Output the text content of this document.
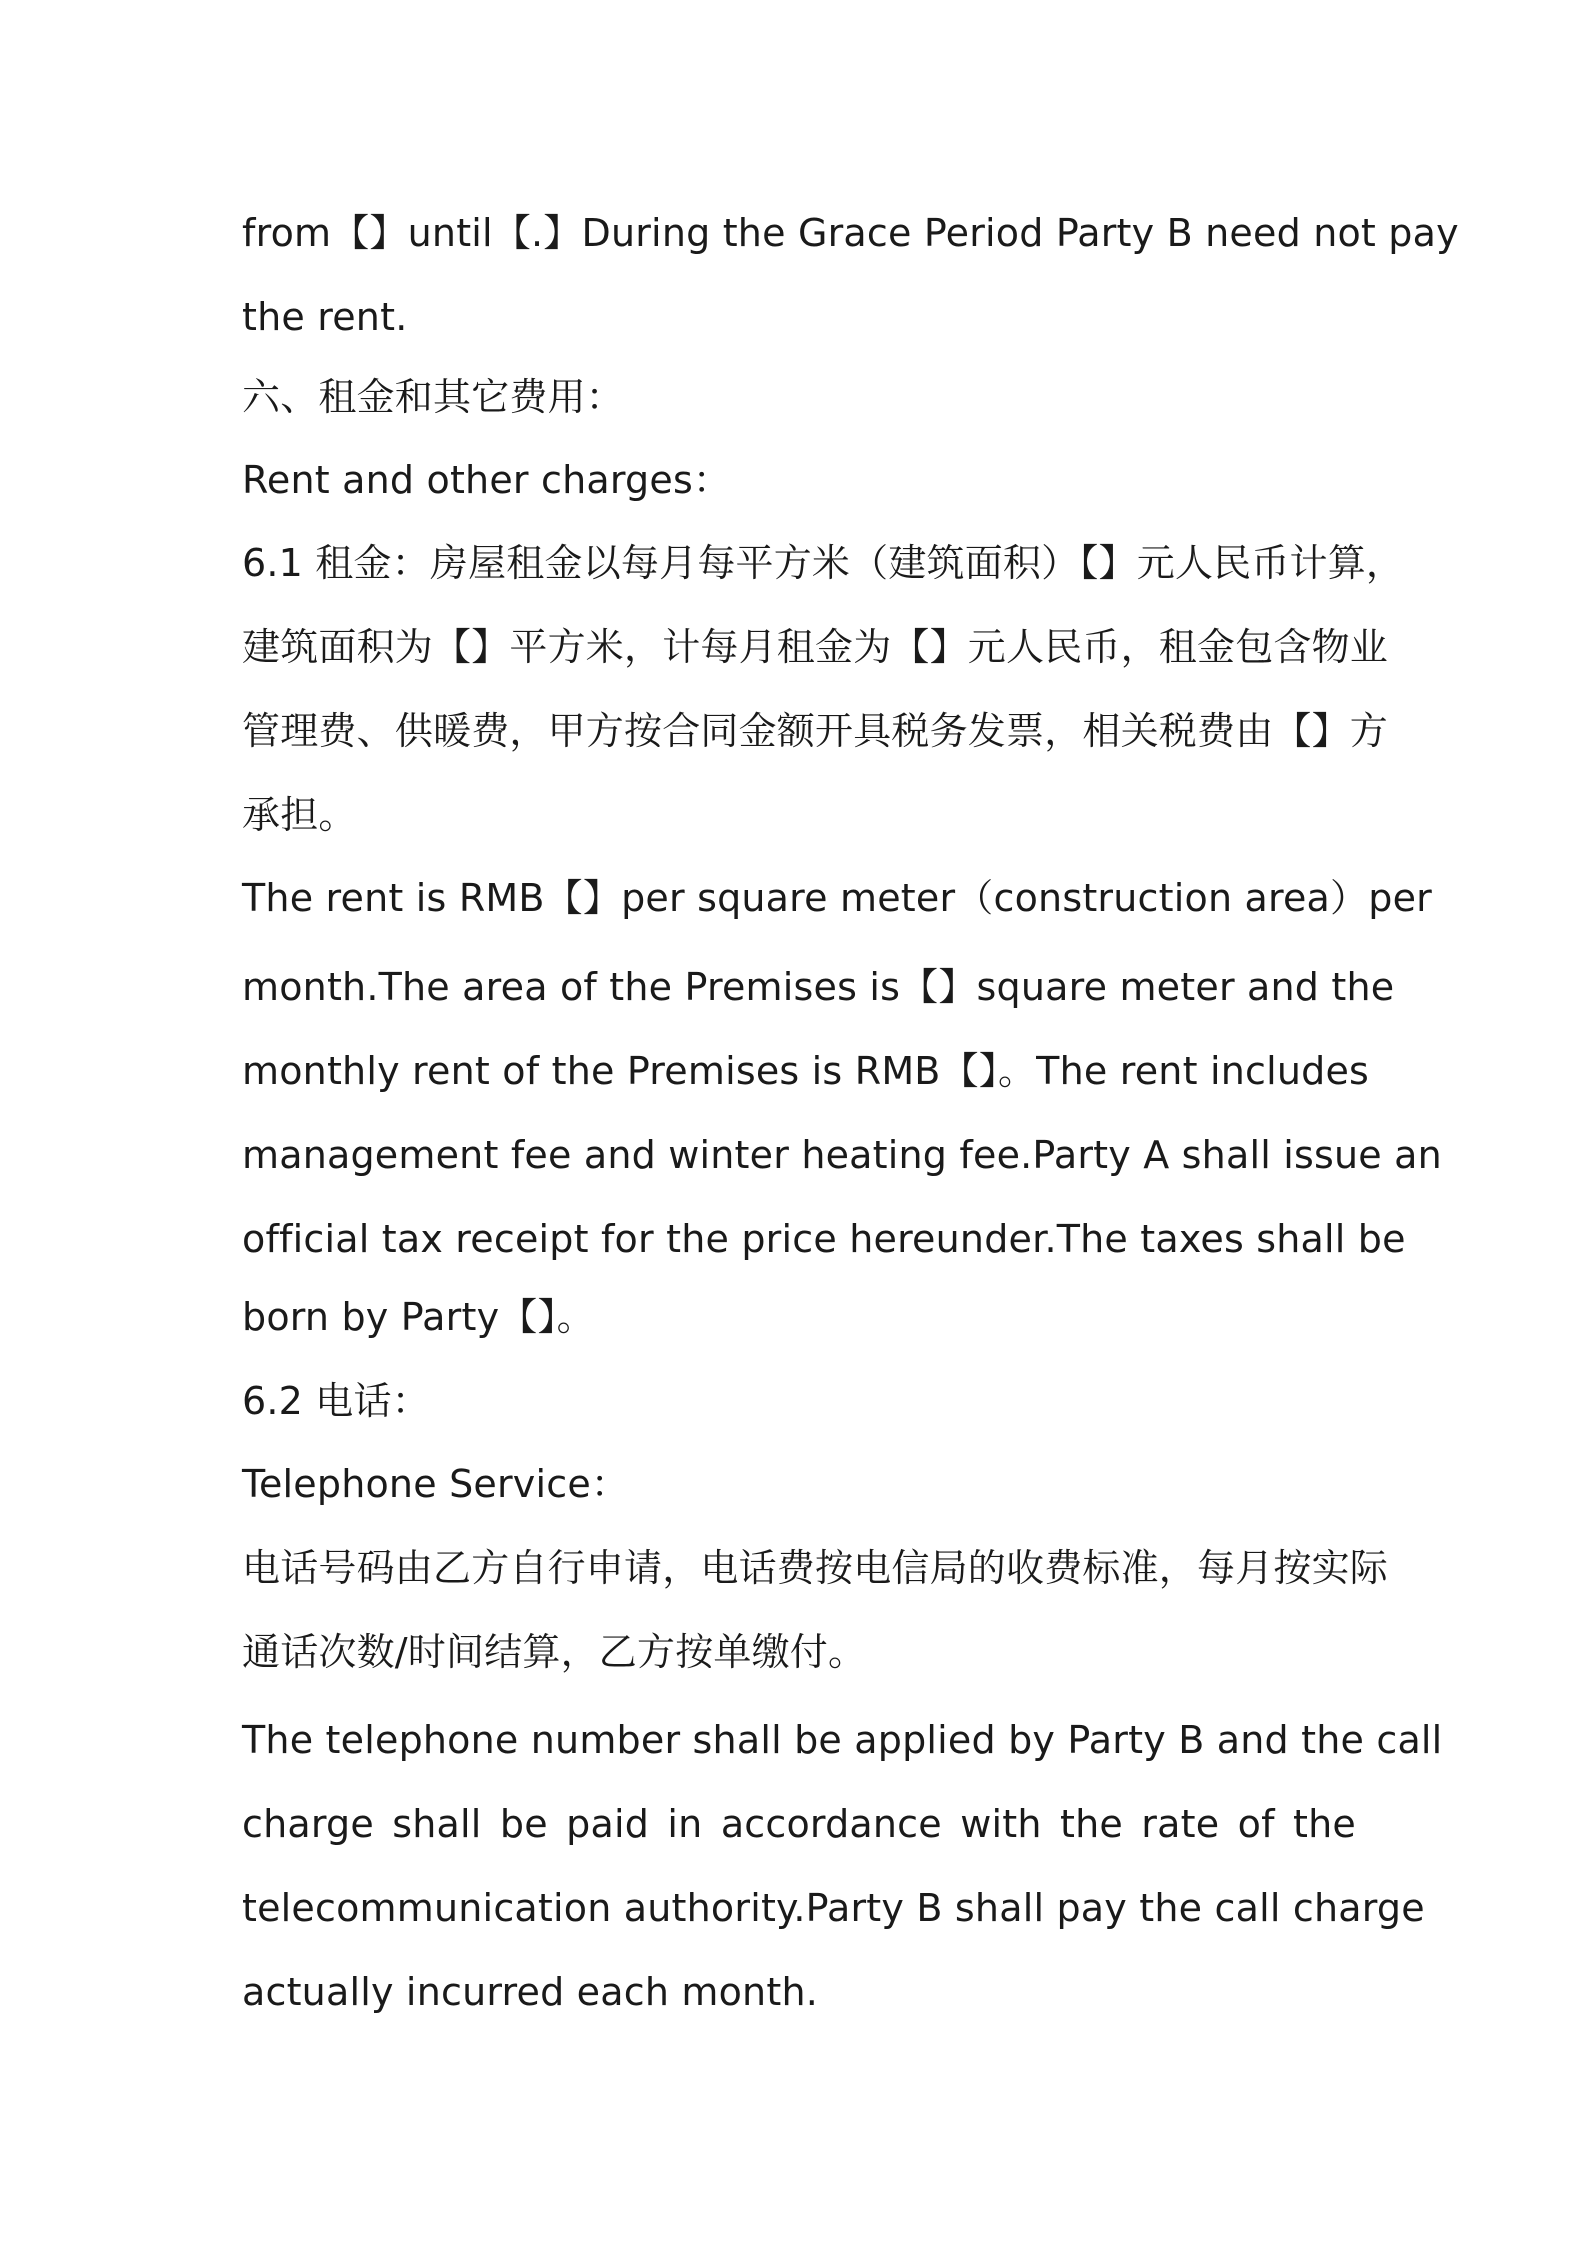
from【】until【.】During the Grace Period Party B need not pay
the rent.
六、租金和其它费用：
Rent and other charges：
6.1 租金：房屋租金以每月每平方米（建筑面积）【】元人民币计算，
建筑面积为【】平方米，计每月租金为【】元人民币，租金包含物业
管理费、供暖费，甲方按合同金额开具税务发票，相关税费由【】方
承担。
The rent is RMB【】per square meter（construction area）per
month.The area of the Premises is【】square meter and the
monthly rent of the Premises is RMB【】。The rent includes
management fee and winter heating fee.Party A shall issue an
official tax receipt for the price hereunder.The taxes shall be
born by Party【】。
6.2 电话：
Telephone Service：
电话号码由乙方自行申请，电话费按电信局的收费标准，每月按实际
通话次数/时间结算，乙方按单缴付。
The telephone number shall be applied by Party B and the call
charge shall be paid in accordance with the rate of the
telecommunication authority.Party B shall pay the call charge
actually incurred each month.
